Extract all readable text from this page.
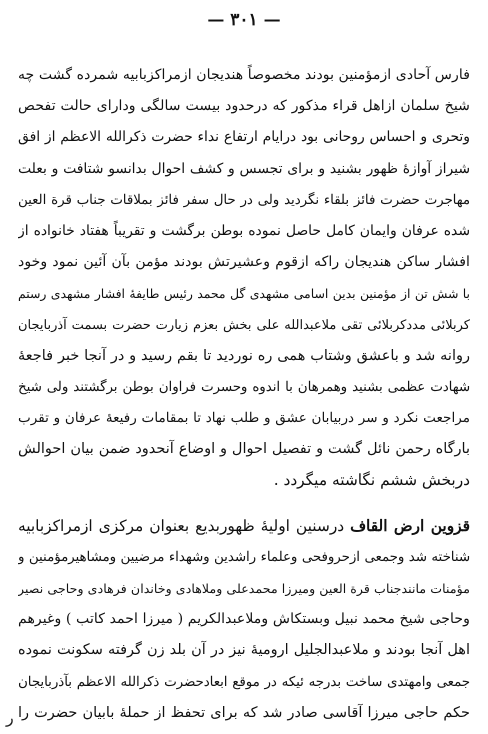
— ٣٠١ —
فارس آحادی ازمؤمنین بودند مخصوصاً هندیجان ازمراکزبابیه شمرده گشت چه
شیخ سلمان ازاهل قراء مذکور که درحدود بیست سالگی ودارای حالت تفحص
وتحری و احساس روحانی بود درایام ارتفاع نداء حضرت ذکرالله الاعظم از افق
شیراز آوازهٔ ظهور بشنید و برای تجسس و کشف احوال بدانسو شتافت و بعلت
مهاجرت حضرت فائز بلقاء نگردید ولی در حال سفر فائز بملاقات جناب قرة العین
شده عرفان وایمان کامل حاصل نموده بوطن برگشت و تقریباً هفتاد خانواده از
افشار ساکن هندیجان راکه ازقوم وعشیرتش بودند مؤمن بآن آئین نمود وخود
با شش تن از مؤمنین بدین اسامی مشهدی گل محمد رئیس طایفهٔ افشار مشهدی رستم
کربلائی مددکربلائی تقی ملاعبدالله علی بخش بعزم زیارت حضرت بسمت آذربایجان
روانه شد و باعشق وشتاب همی ره نوردید تا بقم رسید و در آنجا خبر فاجعهٔ
شهادت عظمی بشنید وهمرهان با اندوه وحسرت فراوان بوطن برگشتند ولی شیخ
مراجعت نکرد و سر دربیابان عشق و طلب نهاد تا بمقامات رفیعهٔ عرفان و تقرب
بارگاه رحمن نائل گشت و تفصیل احوال و اوضاع آنحدود ضمن بیان احوالش
دربخش ششم نگاشته میگردد .
قزوین ارض القاف درسنین اولیهٔ ظهوربدیع بعنوان مرکزی ازمراکزبابیه
شناخته شد وجمعی ازحروفحی وعلماء راشدین وشهداء مرضیین ومشاهیرمؤمنین و
مؤمنات مانندجناب قرة العین ومیرزا محمدعلی وملاهادی وخاندان فرهادی وحاجی نصیر
وحاجی شیخ محمد نبیل وبستکاش وملاعبدالکریم ( میرزا احمد کاتب ) وغیرهم
اهل آنجا بودند و ملاعبدالجلیل ارومیهٔ نیز در آن بلد زن گرفته سکونت نموده
جمعی وامهتدی ساخت بدرجه ئیکه در موقع ابعادحضرت ذکرالله الاعظم بآذربایجان
حکم حاجی میرزا آقاسی صادر شد که برای تحفظ از حملهٔ بابیان حضرت را
ر
